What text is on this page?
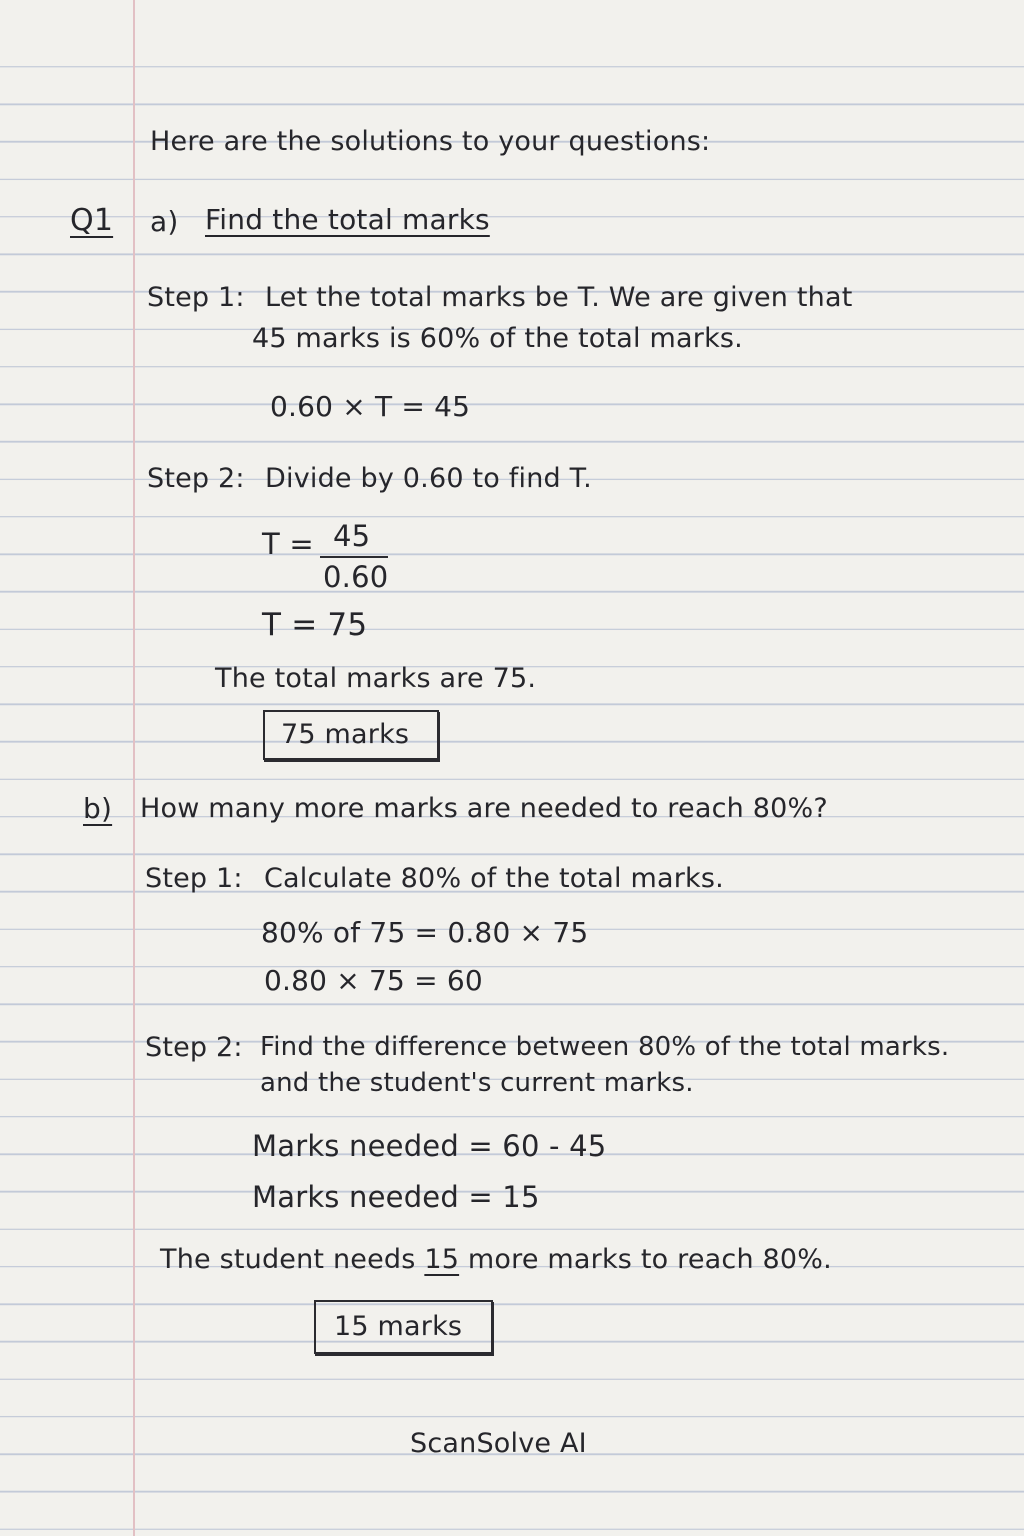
Here are the solutions to your questions:
Q1 a) Find the total marks
Step 1: Let the total marks be T. We are given that
45 marks is 60% of the total marks.
0.60 × T = 45
Step 2: Divide by 0.60 to find T.
T = 45
0.60
T = 75
The total marks are 75.
75 marks
b) How many more marks are needed to reach 80%?
Step 1: Calculate 80% of the total marks.
80% of 75 = 0.80 × 75
0.80 × 75 = 60
Step 2: Find the difference between 80% of the total marks.
and the student's current marks.
Marks needed = 60 - 45
Marks needed = 15
The student needs 15 more marks to reach 80%.
15 marks
ScanSolve AI
